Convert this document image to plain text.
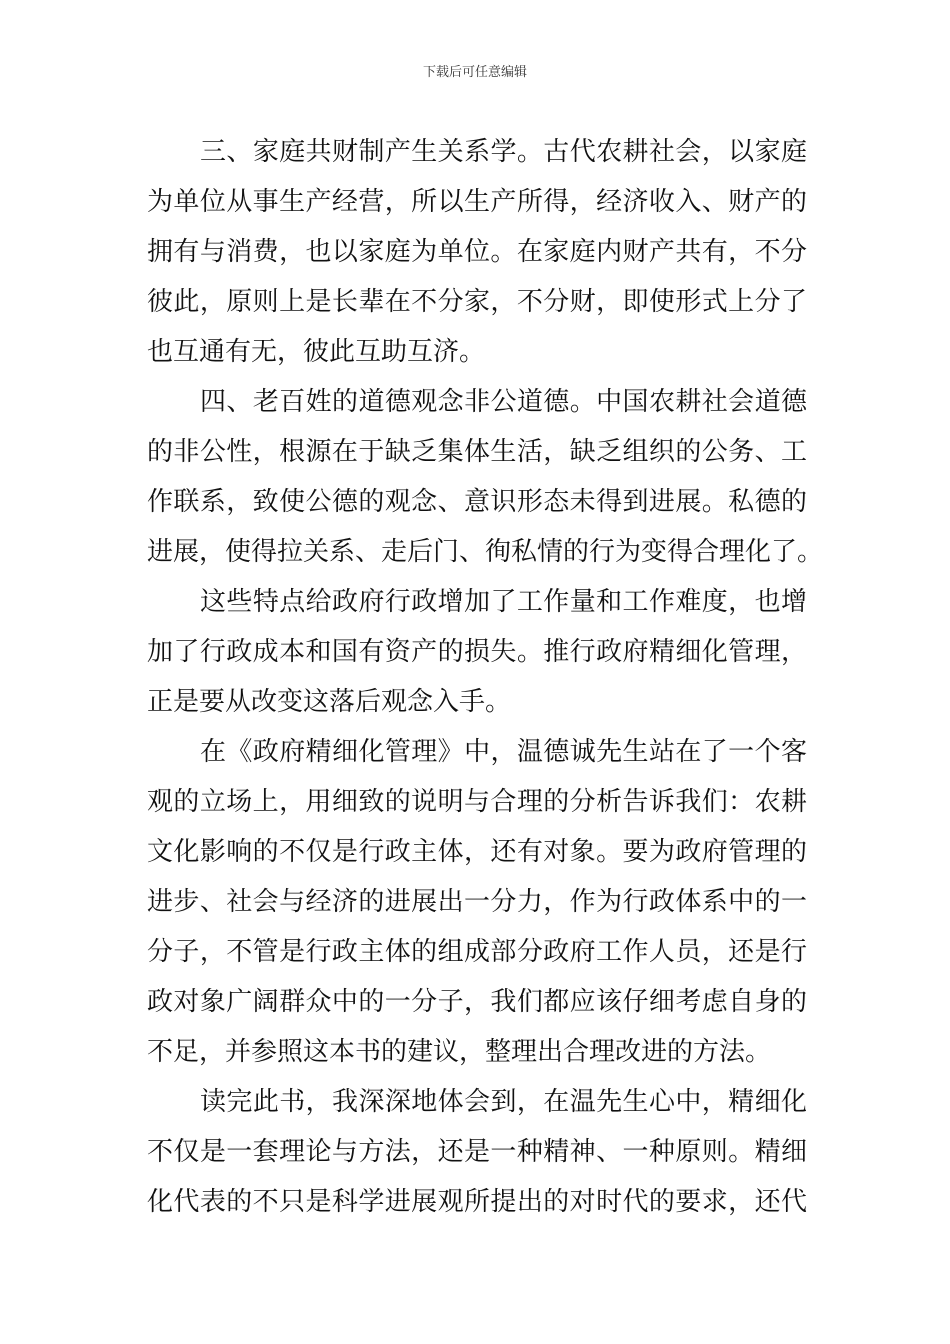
下载后可任意编辑
三、家庭共财制产生关系学。古代农耕社会，以家庭
为单位从事生产经营，所以生产所得，经济收入、财产的
拥有与消费，也以家庭为单位。在家庭内财产共有，不分
彼此，原则上是长辈在不分家，不分财，即使形式上分了
也互通有无，彼此互助互济。
四、老百姓的道德观念非公道德。中国农耕社会道德
的非公性，根源在于缺乏集体生活，缺乏组织的公务、工
作联系，致使公德的观念、意识形态未得到进展。私德的
进展，使得拉关系、走后门、徇私情的行为变得合理化了。
这些特点给政府行政增加了工作量和工作难度，也增
加了行政成本和国有资产的损失。推行政府精细化管理，
正是要从改变这落后观念入手。
在《政府精细化管理》中，温德诚先生站在了一个客
观的立场上，用细致的说明与合理的分析告诉我们：农耕
文化影响的不仅是行政主体，还有对象。要为政府管理的
进步、社会与经济的进展出一分力，作为行政体系中的一
分子，不管是行政主体的组成部分政府工作人员，还是行
政对象广阔群众中的一分子，我们都应该仔细考虑自身的
不足，并参照这本书的建议，整理出合理改进的方法。
读完此书，我深深地体会到，在温先生心中，精细化
不仅是一套理论与方法，还是一种精神、一种原则。精细
化代表的不只是科学进展观所提出的对时代的要求，还代
